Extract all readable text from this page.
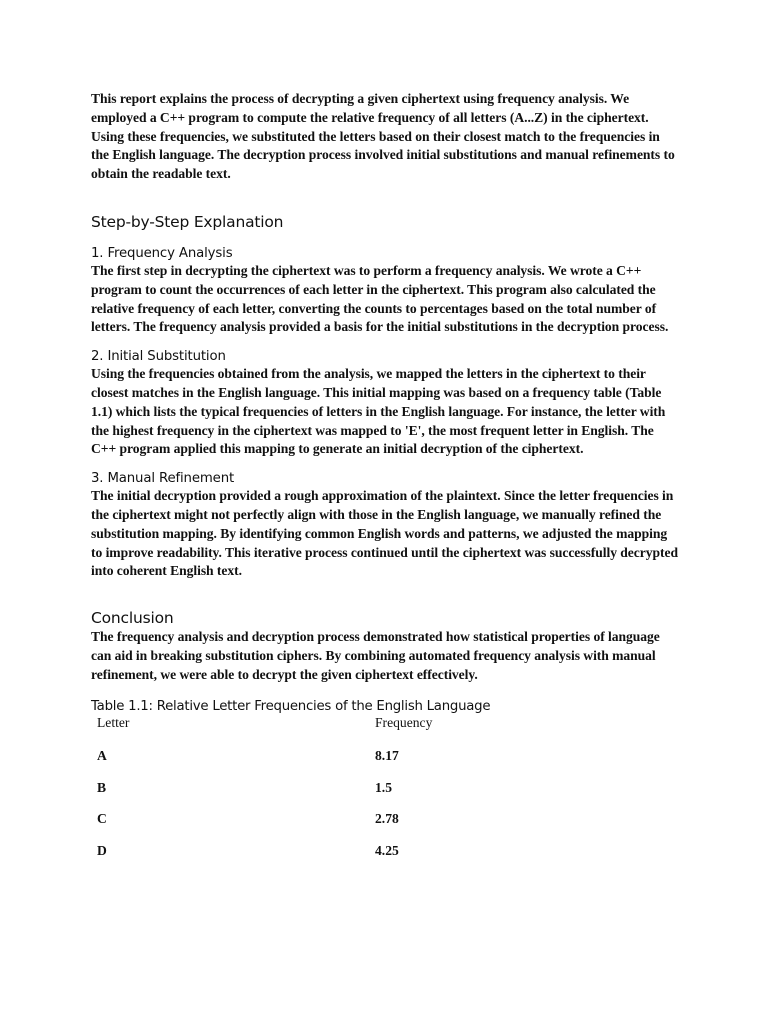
This report explains the process of decrypting a given ciphertext using frequency analysis. We employed a C++ program to compute the relative frequency of all letters (A...Z) in the ciphertext. Using these frequencies, we substituted the letters based on their closest match to the frequencies in the English language. The decryption process involved initial substitutions and manual refinements to obtain the readable text.

Step-by-Step Explanation
1. Frequency Analysis

The first step in decrypting the ciphertext was to perform a frequency analysis. We wrote a C++ program to count the occurrences of each letter in the ciphertext. This program also calculated the relative frequency of each letter, converting the counts to percentages based on the total number of letters. The frequency analysis provided a basis for the initial substitutions in the decryption process.

2. Initial Substitution

Using the frequencies obtained from the analysis, we mapped the letters in the ciphertext to their closest matches in the English language. This initial mapping was based on a frequency table (Table 1.1) which lists the typical frequencies of letters in the English language. For instance, the letter with the highest frequency in the ciphertext was mapped to 'E', the most frequent letter in English. The C++ program applied this mapping to generate an initial decryption of the ciphertext.

3. Manual Refinement

The initial decryption provided a rough approximation of the plaintext. Since the letter frequencies in the ciphertext might not perfectly align with those in the English language, we manually refined the substitution mapping. By identifying common English words and patterns, we adjusted the mapping to improve readability. This iterative process continued until the ciphertext was successfully decrypted into coherent English text.

Conclusion

The frequency analysis and decryption process demonstrated how statistical properties of language can aid in breaking substitution ciphers. By combining automated frequency analysis with manual refinement, we were able to decrypt the given ciphertext effectively.

Table 1.1: Relative Letter Frequencies of the English Language
Letter	Frequency
A	8.17
B	1.5
C	2.78
D	4.25
